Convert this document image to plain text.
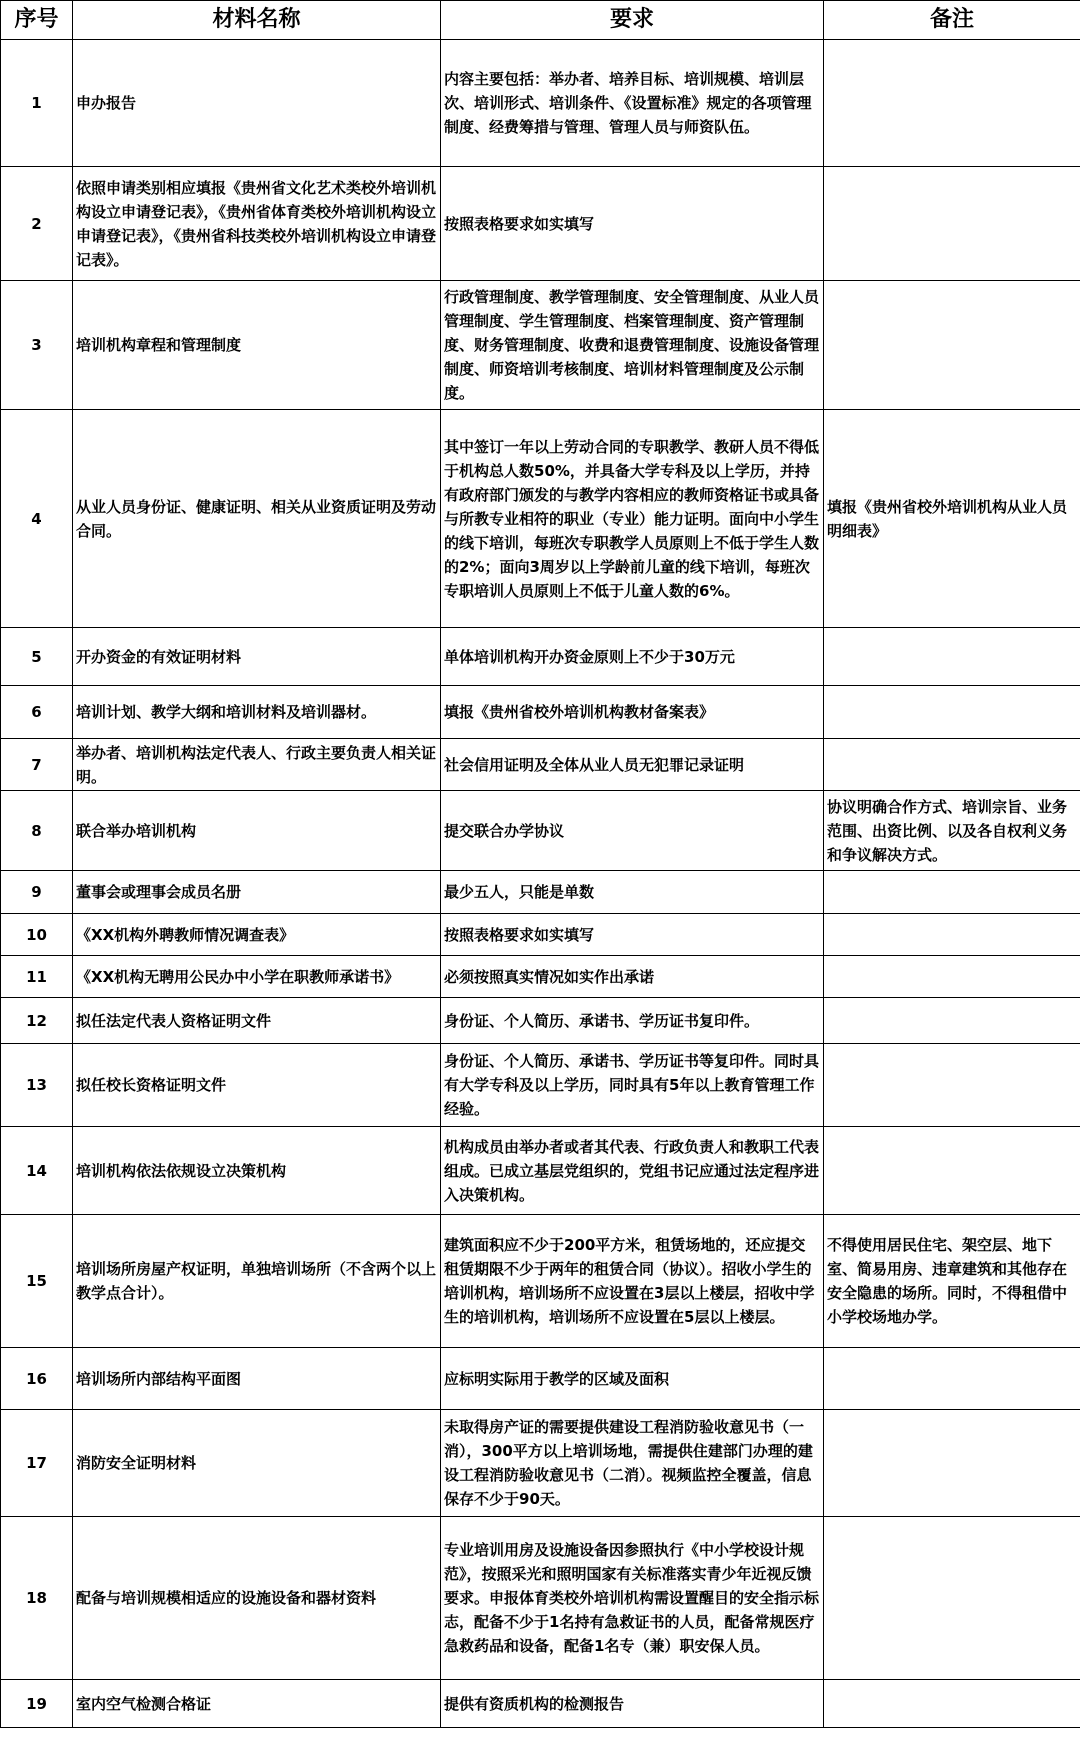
序号	材料名称	要求	备注
1	申办报告	内容主要包括：举办者、培养目标、培训规模、培训层次、培训形式、培训条件、《设置标准》规定的各项管理制度、经费筹措与管理、管理人员与师资队伍。	
2	依照申请类别相应填报《贵州省文化艺术类校外培训机构设立申请登记表》，《贵州省体育类校外培训机构设立申请登记表》，《贵州省科技类校外培训机构设立申请登记表》。	按照表格要求如实填写	
3	培训机构章程和管理制度	行政管理制度、教学管理制度、安全管理制度、从业人员管理制度、学生管理制度、档案管理制度、资产管理制度、财务管理制度、收费和退费管理制度、设施设备管理制度、师资培训考核制度、培训材料管理制度及公示制度。	
4	从业人员身份证、健康证明、相关从业资质证明及劳动合同。	其中签订一年以上劳动合同的专职教学、教研人员不得低于机构总人数50%，并具备大学专科及以上学历，并持有政府部门颁发的与教学内容相应的教师资格证书或具备与所教专业相符的职业（专业）能力证明。面向中小学生的线下培训，每班次专职教学人员原则上不低于学生人数的2%；面向3周岁以上学龄前儿童的线下培训，每班次专职培训人员原则上不低于儿童人数的6%。	填报《贵州省校外培训机构从业人员明细表》
5	开办资金的有效证明材料	单体培训机构开办资金原则上不少于30万元	
6	培训计划、教学大纲和培训材料及培训器材。	填报《贵州省校外培训机构教材备案表》	
7	举办者、培训机构法定代表人、行政主要负责人相关证明。	社会信用证明及全体从业人员无犯罪记录证明	
8	联合举办培训机构	提交联合办学协议	协议明确合作方式、培训宗旨、业务范围、出资比例、以及各自权利义务和争议解决方式。
9	董事会或理事会成员名册	最少五人，只能是单数	
10	《XX机构外聘教师情况调查表》	按照表格要求如实填写	
11	《XX机构无聘用公民办中小学在职教师承诺书》	必须按照真实情况如实作出承诺	
12	拟任法定代表人资格证明文件	身份证、个人简历、承诺书、学历证书复印件。	
13	拟任校长资格证明文件	身份证、个人简历、承诺书、学历证书等复印件。同时具有大学专科及以上学历，同时具有5年以上教育管理工作经验。	
14	培训机构依法依规设立决策机构	机构成员由举办者或者其代表、行政负责人和教职工代表组成。已成立基层党组织的，党组书记应通过法定程序进入决策机构。	
15	培训场所房屋产权证明，单独培训场所（不含两个以上教学点合计）。	建筑面积应不少于200平方米，租赁场地的，还应提交租赁期限不少于两年的租赁合同（协议）。招收小学生的培训机构，培训场所不应设置在3层以上楼层，招收中学生的培训机构，培训场所不应设置在5层以上楼层。	不得使用居民住宅、架空层、地下室、简易用房、违章建筑和其他存在安全隐患的场所。同时，不得租借中小学校场地办学。
16	培训场所内部结构平面图	应标明实际用于教学的区域及面积	
17	消防安全证明材料	未取得房产证的需要提供建设工程消防验收意见书（一消），300平方以上培训场地，需提供住建部门办理的建设工程消防验收意见书（二消）。视频监控全覆盖，信息保存不少于90天。	
18	配备与培训规模相适应的设施设备和器材资料	专业培训用房及设施设备因参照执行《中小学校设计规范》，按照采光和照明国家有关标准落实青少年近视反馈要求。申报体育类校外培训机构需设置醒目的安全指示标志，配备不少于1名持有急救证书的人员，配备常规医疗急救药品和设备，配备1名专（兼）职安保人员。	
19	室内空气检测合格证	提供有资质机构的检测报告	
